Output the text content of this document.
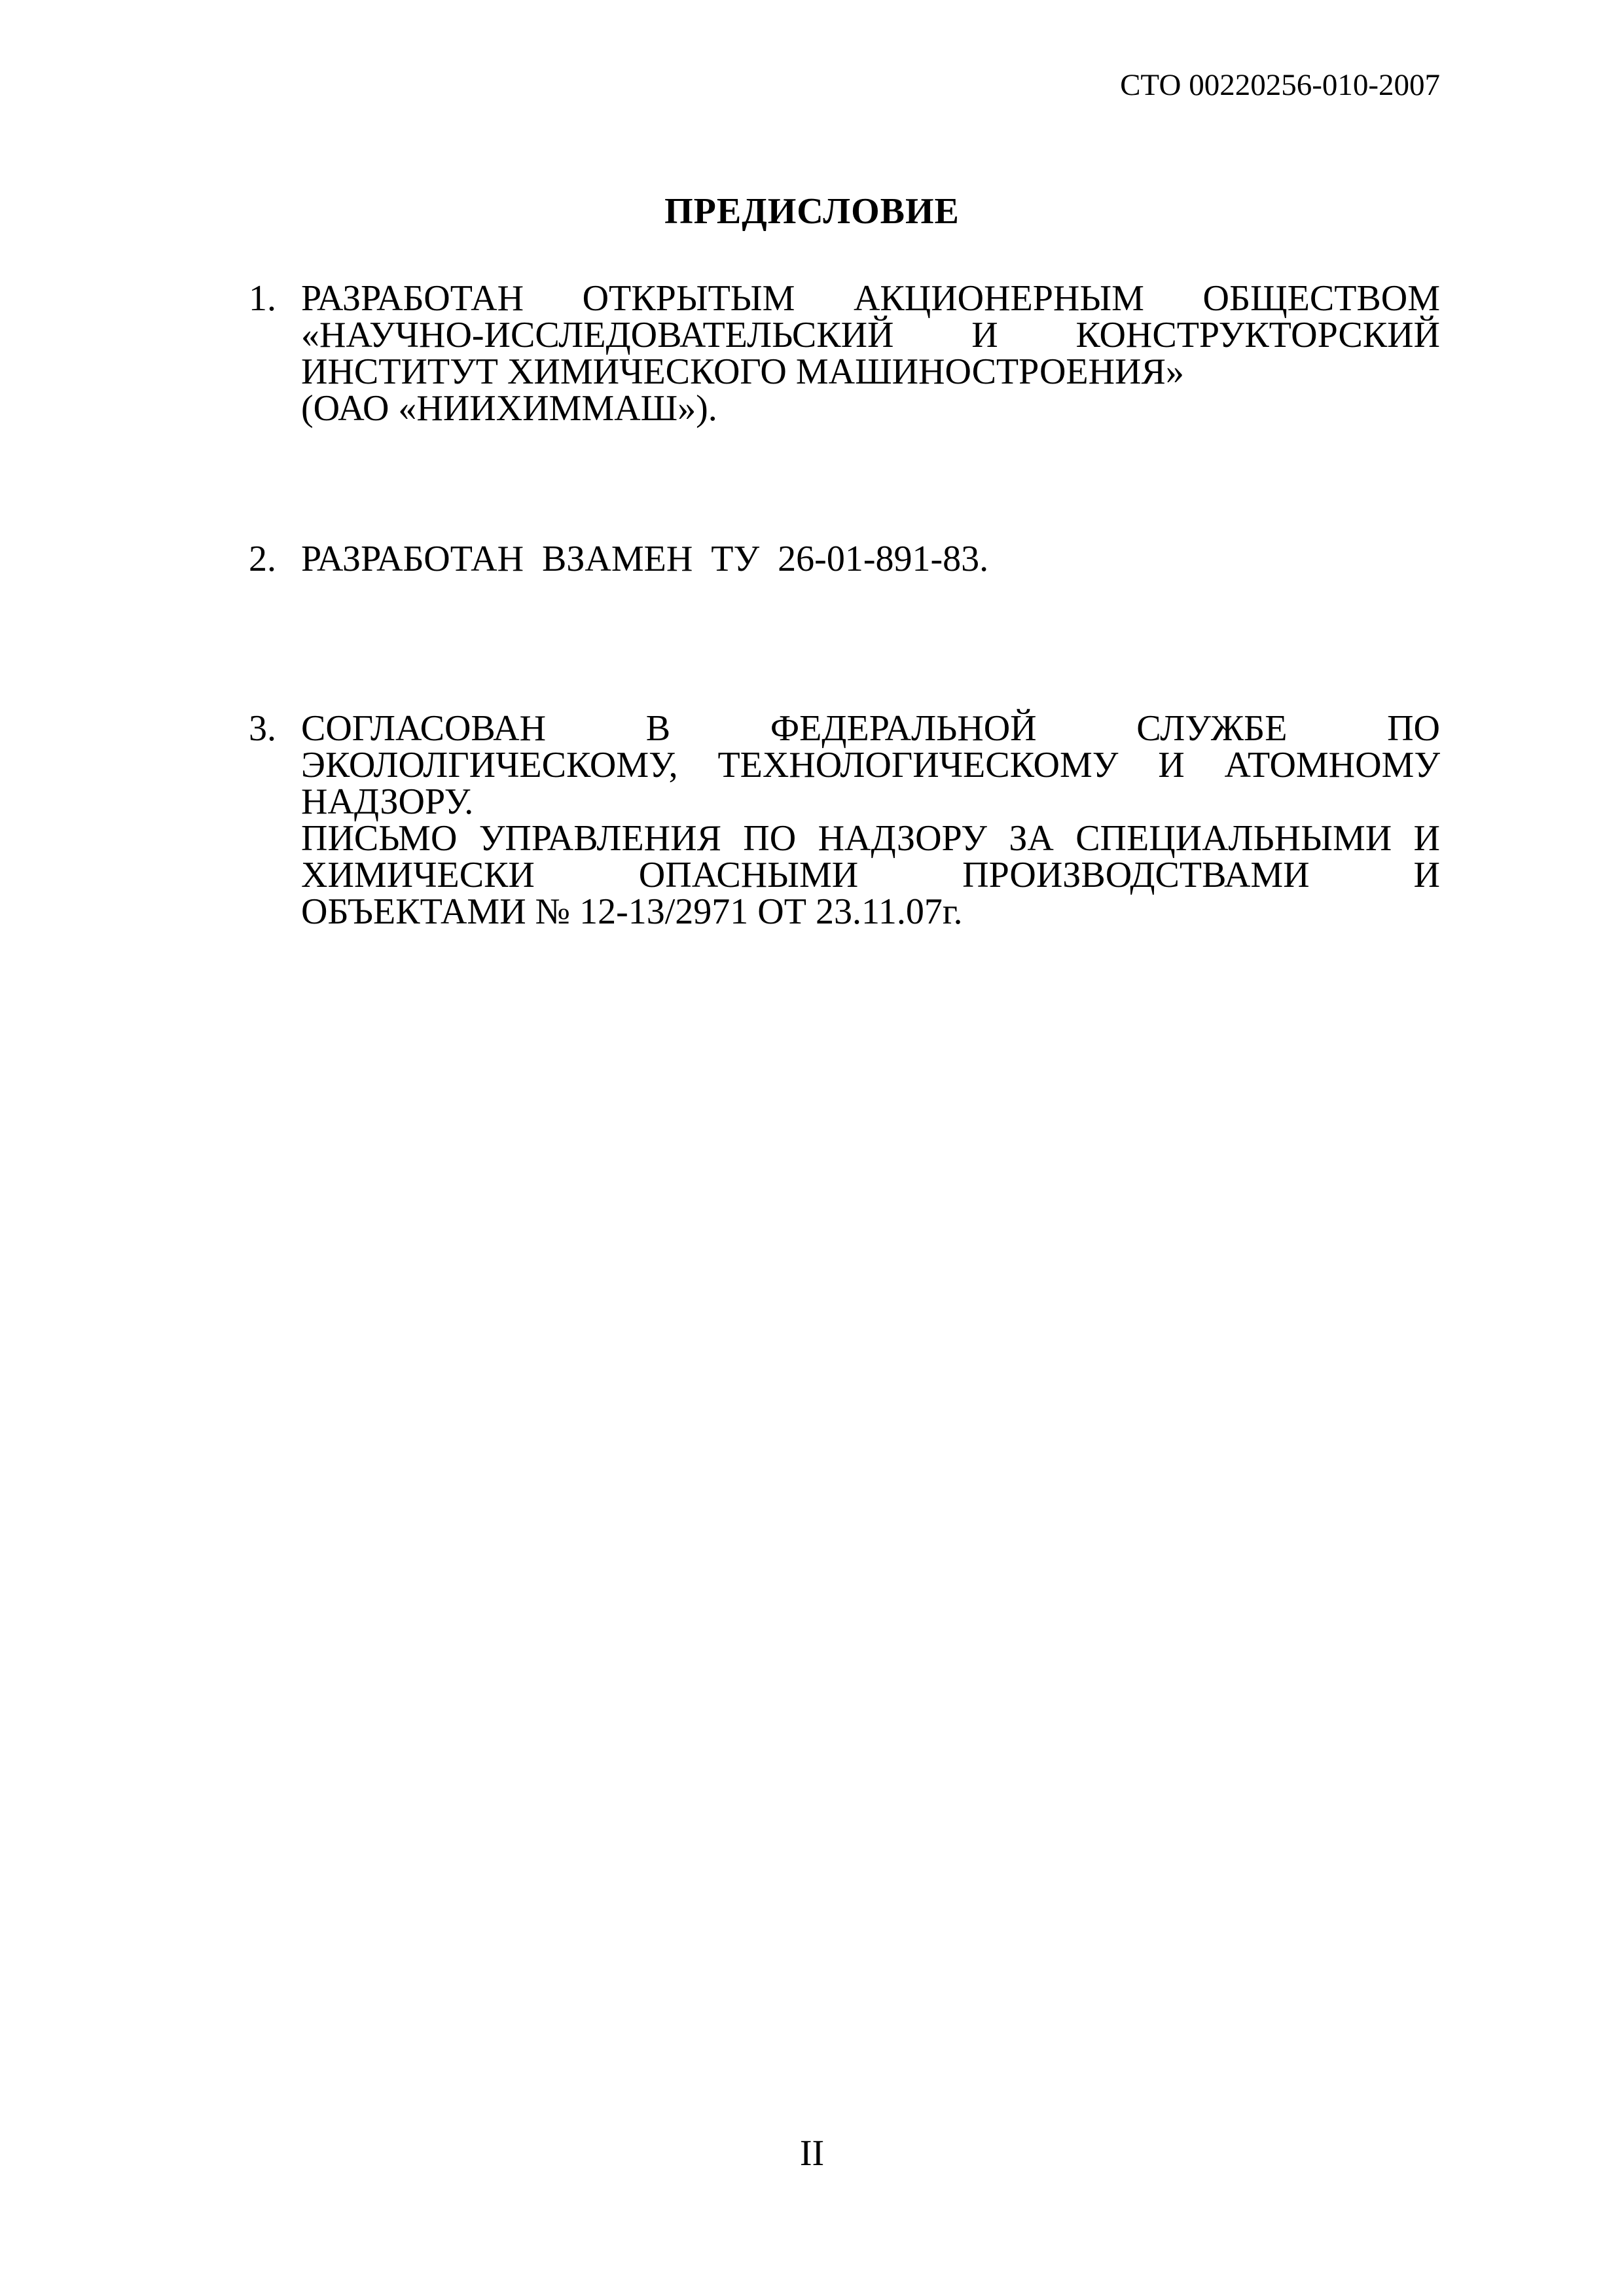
СТО 00220256-010-2007
ПРЕДИСЛОВИЕ
1. РАЗРАБОТАН ОТКРЫТЫМ АКЦИОНЕРНЫМ ОБЩЕСТВОМ
«НАУЧНО-ИССЛЕДОВАТЕЛЬСКИЙ И КОНСТРУКТОРСКИЙ
ИНСТИТУТ ХИМИЧЕСКОГО МАШИНОСТРОЕНИЯ»
(ОАО «НИИХИММАШ»).
2. РАЗРАБОТАН ВЗАМЕН ТУ 26-01-891-83.
3. СОГЛАСОВАН В ФЕДЕРАЛЬНОЙ СЛУЖБЕ ПО
ЭКОЛОЛГИЧЕСКОМУ, ТЕХНОЛОГИЧЕСКОМУ И АТОМНОМУ
НАДЗОРУ.
ПИСЬМО УПРАВЛЕНИЯ ПО НАДЗОРУ ЗА СПЕЦИАЛЬНЫМИ И
ХИМИЧЕСКИ ОПАСНЫМИ ПРОИЗВОДСТВАМИ И
ОБЪЕКТАМИ № 12-13/2971 ОТ 23.11.07г.
II
